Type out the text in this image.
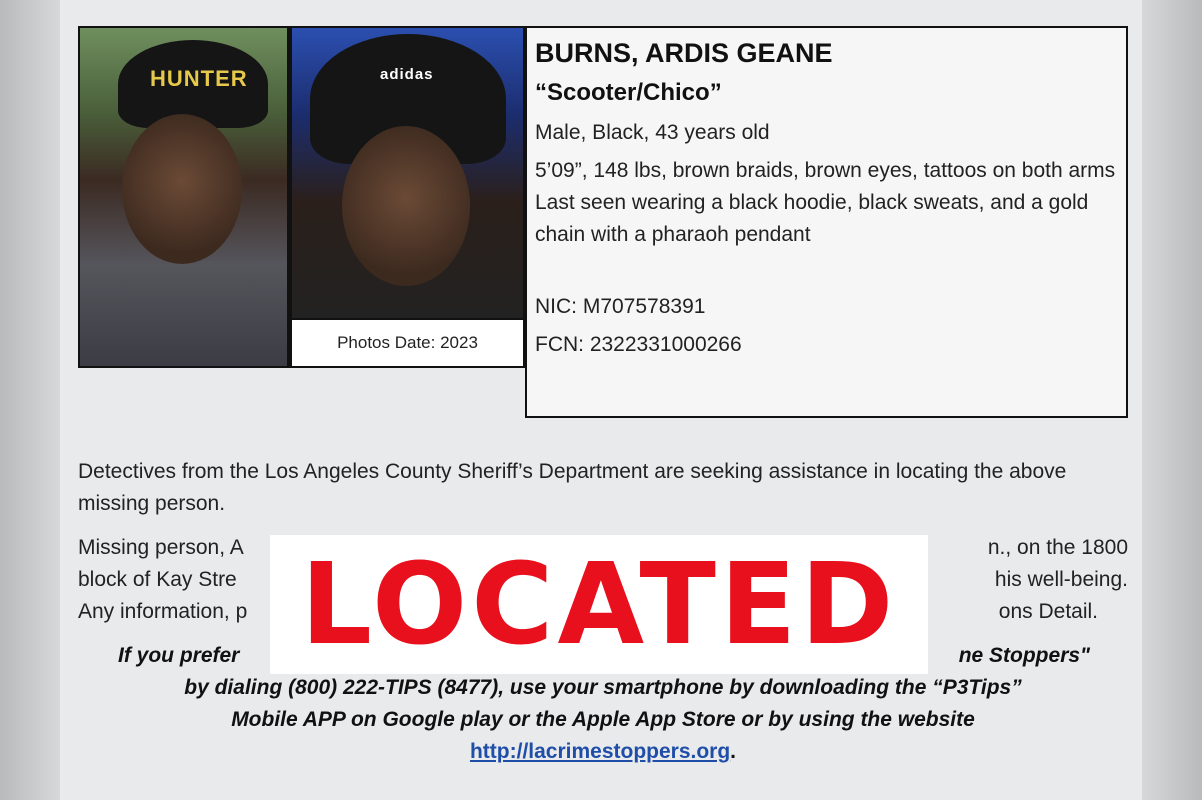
HUNTER	adidas
Photos Date: 2023
BURNS, ARDIS GEANE
“Scooter/Chico”
Male, Black, 43 years old
5’09”, 148 lbs, brown braids, brown eyes, tattoos on both arms
Last seen wearing a black hoodie, black sweats, and a gold chain with a pharaoh pendant
NIC: M707578391
FCN: 2322331000266
Detectives from the Los Angeles County Sheriff’s Department are seeking assistance in locating the above missing person.
Missing person, A	n., on the 1800
block of Kay Stre	his well-being.
Any information, p	ons Detail.
If you prefer	ne Stoppers"
by dialing (800) 222-TIPS (8477), use your smartphone by downloading the “P3Tips”
Mobile APP on Google play or the Apple App Store or by using the website
http://lacrimestoppers.org.
LOCATED
